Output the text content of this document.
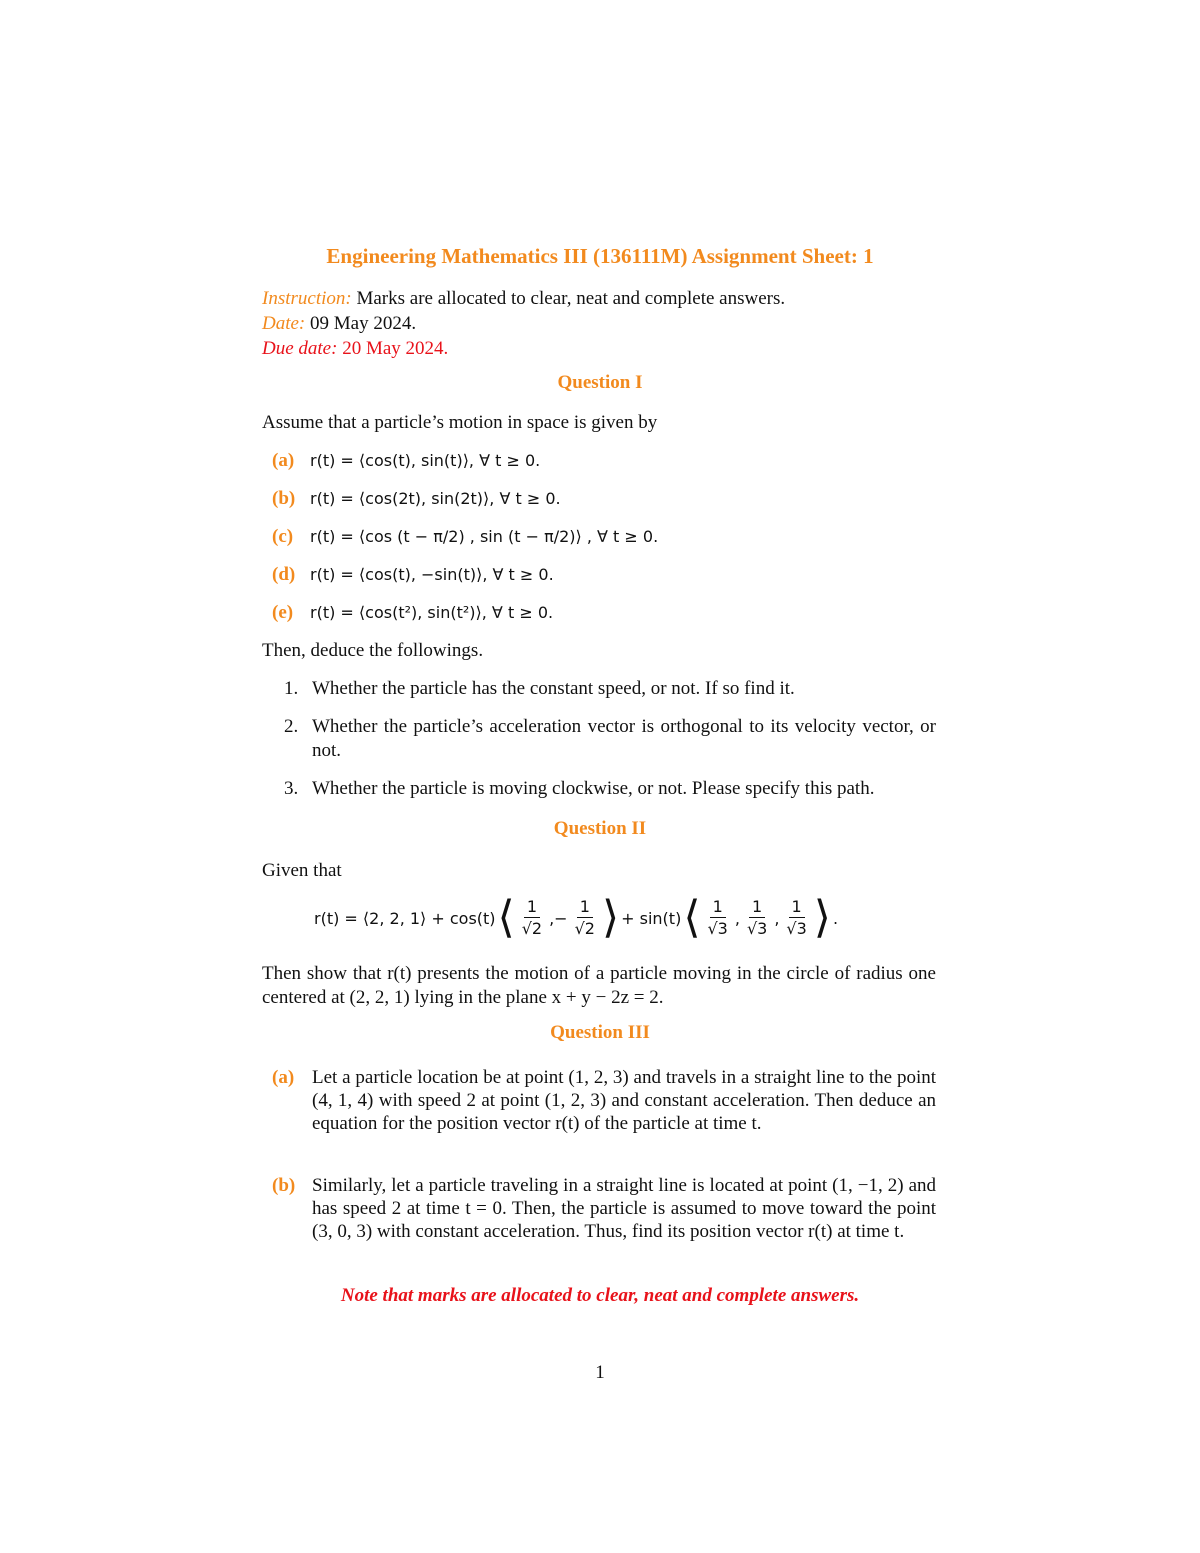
Engineering Mathematics III (136111M) Assignment Sheet: 1
Instruction: Marks are allocated to clear, neat and complete answers.
Date: 09 May 2024.
Due date: 20 May 2024.
Question I
Assume that a particle’s motion in space is given by
(a) r(t) = ⟨cos(t), sin(t)⟩, ∀ t ≥ 0.
(b) r(t) = ⟨cos(2t), sin(2t)⟩, ∀ t ≥ 0.
(c) r(t) = ⟨cos (t − π/2) , sin (t − π/2)⟩ , ∀ t ≥ 0.
(d) r(t) = ⟨cos(t), −sin(t)⟩, ∀ t ≥ 0.
(e) r(t) = ⟨cos(t²), sin(t²)⟩, ∀ t ≥ 0.
Then, deduce the followings.
1. Whether the particle has the constant speed, or not. If so find it.
2. Whether the particle’s acceleration vector is orthogonal to its velocity vector, or not.
3. Whether the particle is moving clockwise, or not. Please specify this path.
Question II
Given that
r(t) = ⟨2, 2, 1⟩ + cos(t) ⟨ $\frac{1}{√2}$ ,− $\frac{1}{√2}$ ⟩ + sin(t) ⟨ $\frac{1}{√3}$ , $\frac{1}{√3}$ , $\frac{1}{√3}$ ⟩ .
Then show that r(t) presents the motion of a particle moving in the circle of radius one centered at (2, 2, 1) lying in the plane x + y − 2z = 2.
Question III
(a) Let a particle location be at point (1, 2, 3) and travels in a straight line to the point (4, 1, 4) with speed 2 at point (1, 2, 3) and constant acceleration. Then deduce an equation for the position vector r(t) of the particle at time t.
(b) Similarly, let a particle traveling in a straight line is located at point (1, −1, 2) and has speed 2 at time t = 0. Then, the particle is assumed to move toward the point (3, 0, 3) with constant acceleration. Thus, find its position vector r(t) at time t.
Note that marks are allocated to clear, neat and complete answers.
1
